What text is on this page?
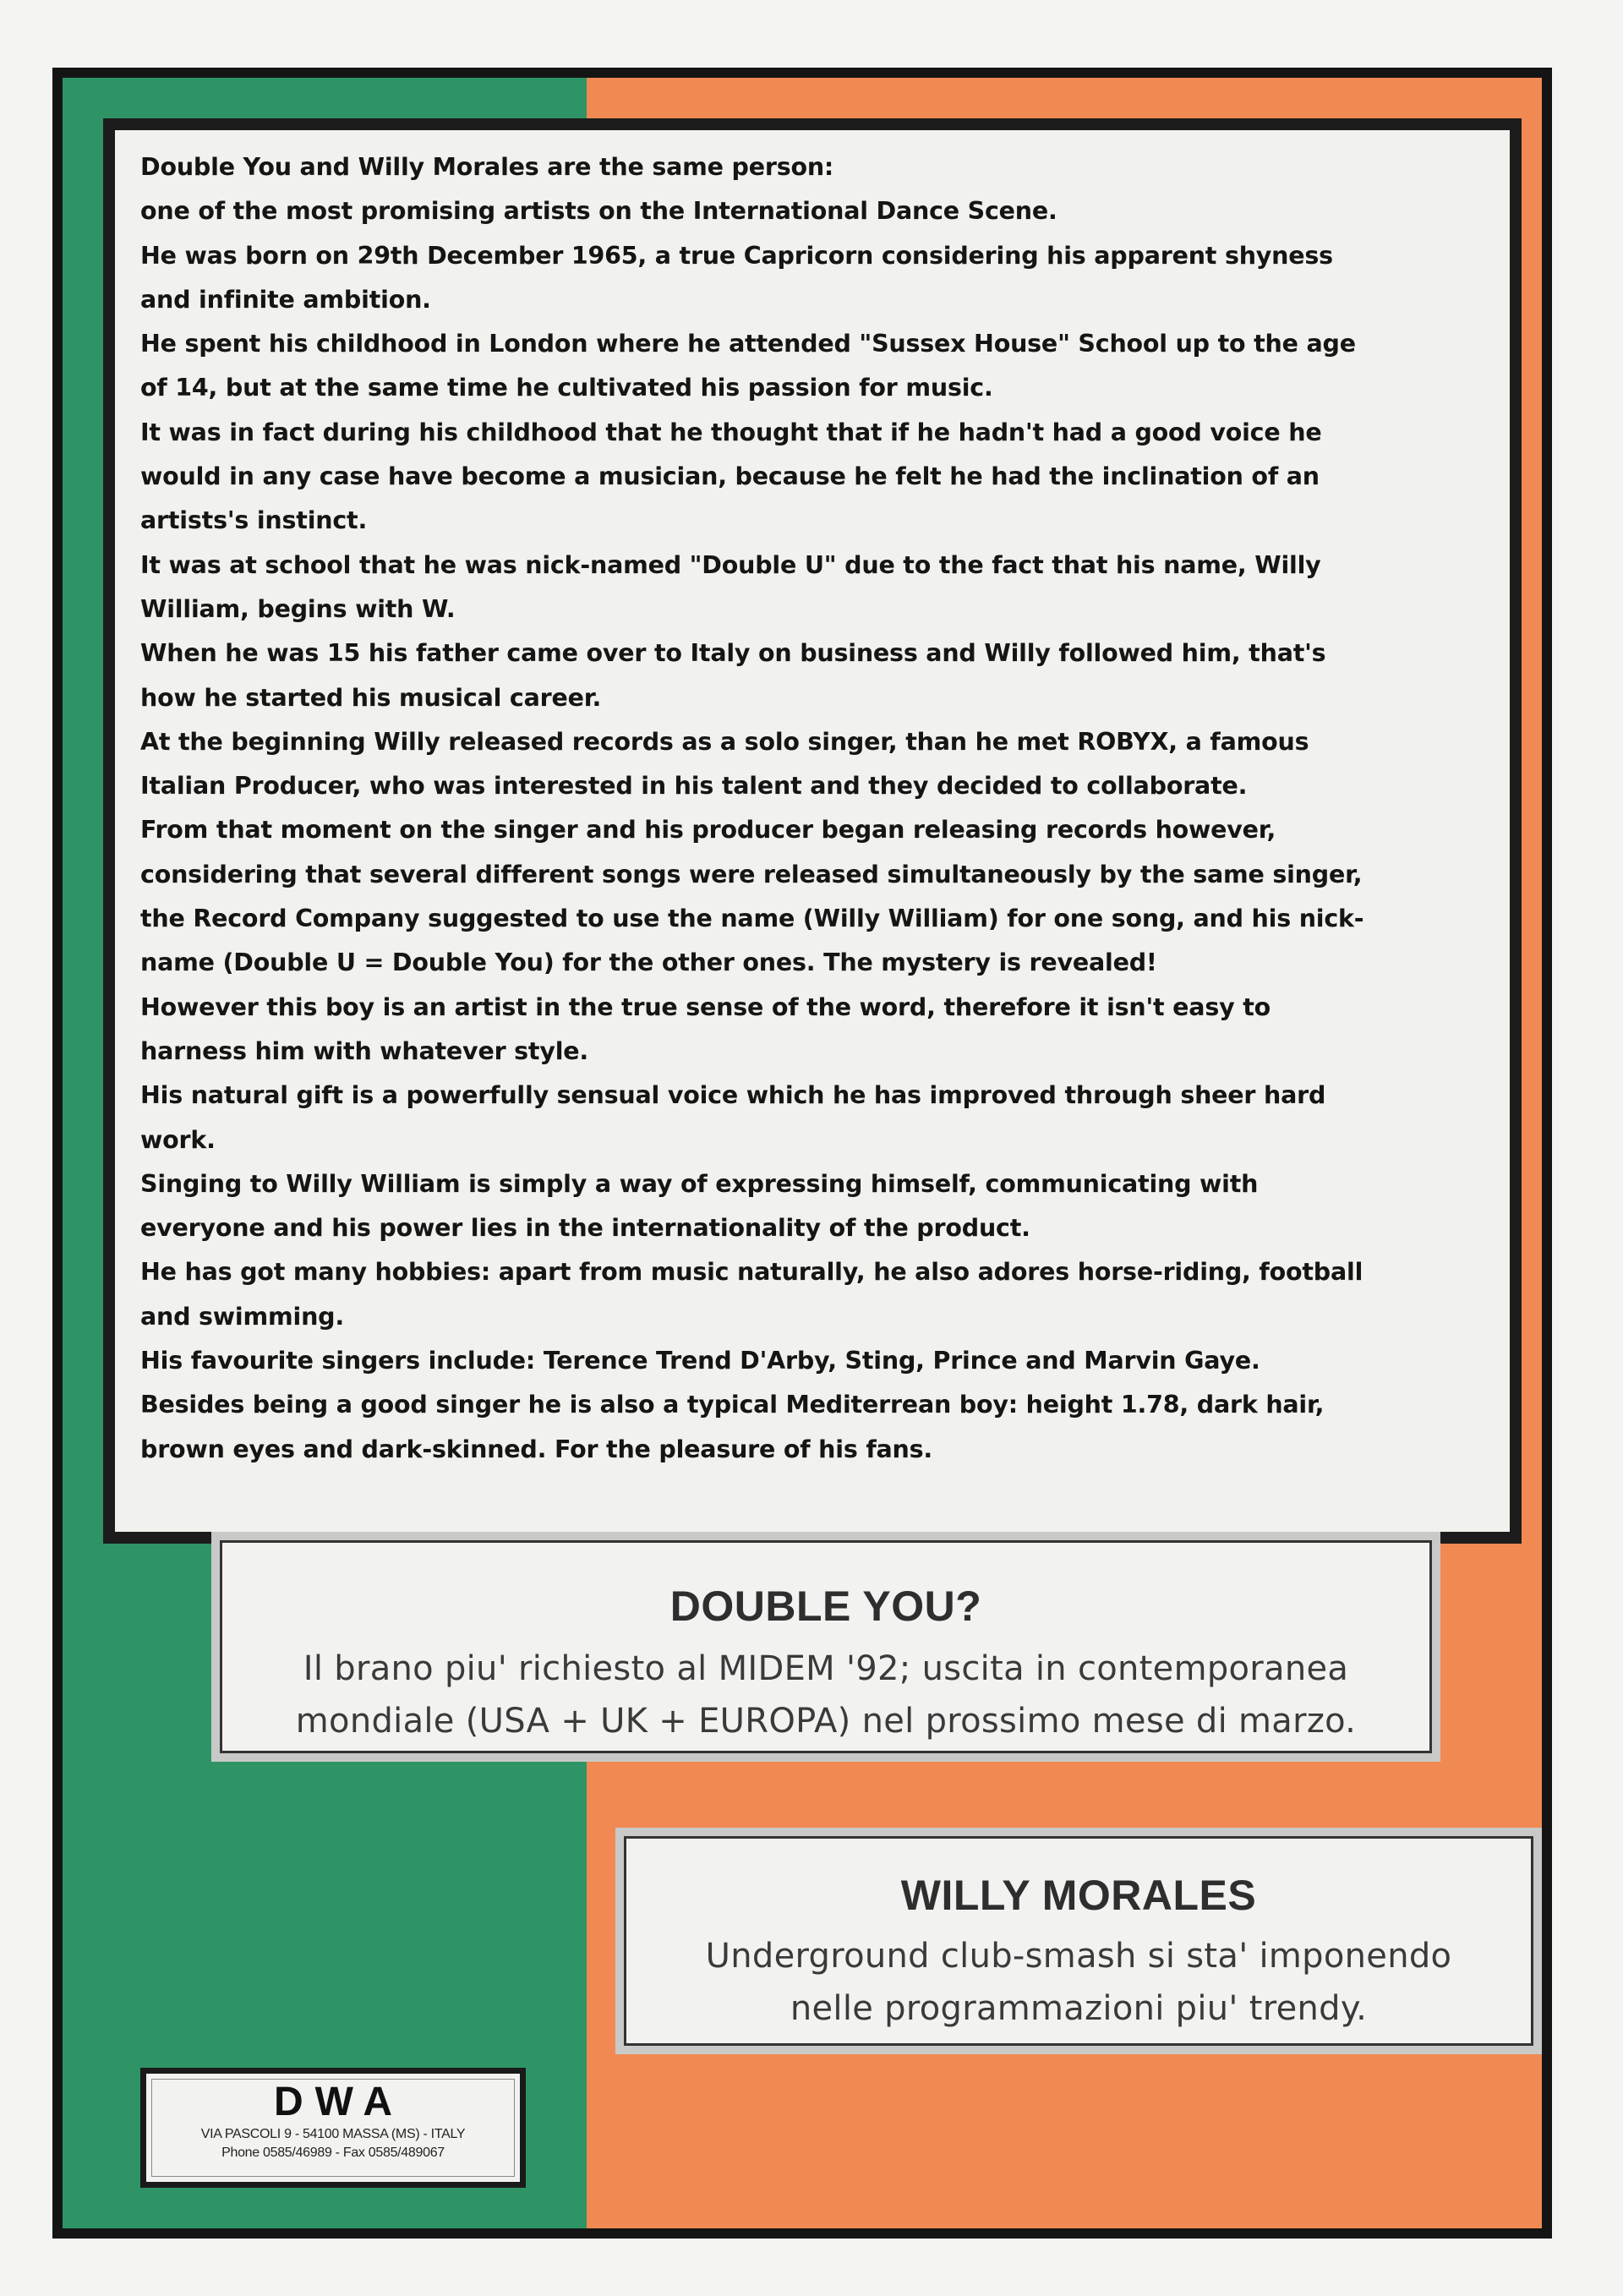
Double You and Willy Morales are the same person:
one of the most promising artists on the International Dance Scene.
He was born on 29th December 1965, a true Capricorn considering his apparent shyness
and infinite ambition.
He spent his childhood in London where he attended "Sussex House" School up to the age
of 14, but at the same time he cultivated his passion for music.
It was in fact during his childhood that he thought that if he hadn't had a good voice he
would in any case have become a musician, because he felt he had the inclination of an
artists's instinct.
It was at school that he was nick-named "Double U" due to the fact that his name, Willy
William, begins with W.
When he was 15 his father came over to Italy on business and Willy followed him, that's
how he started his musical career.
At the beginning Willy released records as a solo singer, than he met ROBYX, a famous
Italian Producer, who was interested in his talent and they decided to collaborate.
From that moment on the singer and his producer began releasing records however,
considering that several different songs were released simultaneously by the same singer,
the Record Company suggested to use the name (Willy William) for one song, and his nick-
name (Double U = Double You) for the other ones. The mystery is revealed!
However this boy is an artist in the true sense of the word, therefore it isn't easy to
harness him with whatever style.
His natural gift is a powerfully sensual voice which he has improved through sheer hard
work.
Singing to Willy William is simply a way of expressing himself, communicating with
everyone and his power lies in the internationality of the product.
He has got many hobbies: apart from music naturally, he also adores horse-riding, football
and swimming.
His favourite singers include: Terence Trend D'Arby, Sting, Prince and Marvin Gaye.
Besides being a good singer he is also a typical Mediterrean boy: height 1.78, dark hair,
brown eyes and dark-skinned. For the pleasure of his fans.
DOUBLE YOU?
Il brano piu' richiesto al MIDEM '92; uscita in contemporanea
mondiale (USA + UK + EUROPA) nel prossimo mese di marzo.
WILLY MORALES
Underground club-smash si sta' imponendo
nelle programmazioni piu' trendy.
DWA
VIA PASCOLI 9 - 54100 MASSA (MS) - ITALY
Phone 0585/46989 - Fax 0585/489067
